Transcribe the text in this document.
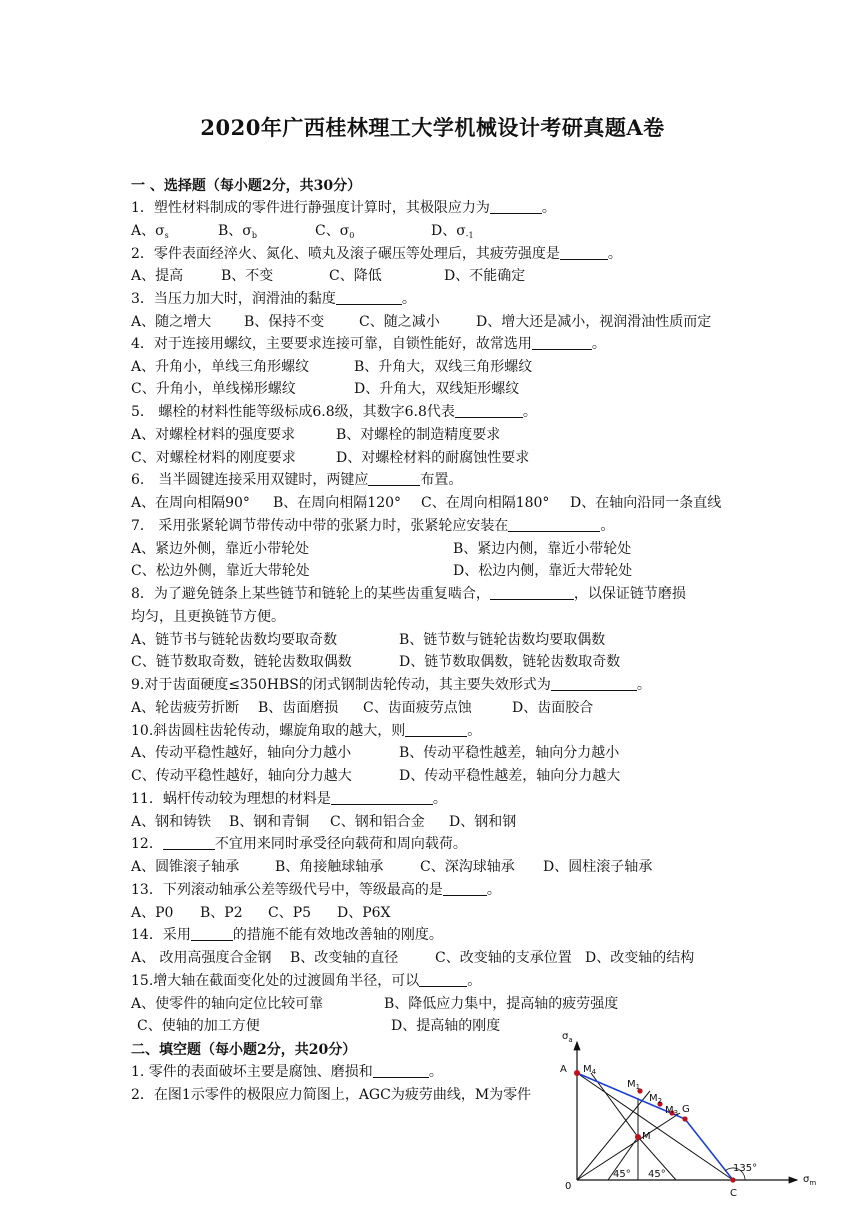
2020年广西桂林理工大学机械设计考研真题A卷
一 、选择题（每小题2分，共30分）
1．塑性材料制成的零件进行静强度计算时，其极限应力为	。
A、$\sigma_s$	B、$\sigma_b$	C、$\sigma_0$	D、$\sigma_{-1}$
2．零件表面经淬火、氮化、喷丸及滚子碾压等处理后，其疲劳强度是	。
A、提高	B、不变	C、降低	D、不能确定
3．当压力加大时，润滑油的黏度	。
A、随之增大 B、保持不变 C、随之减小	D、增大还是减小，视润滑油性质而定
4．对于连接用螺纹，主要要求连接可靠，自锁性能好，故常选用	。
A、升角小，单线三角形螺纹	B、升角大，双线三角形螺纹
C、升角小，单线梯形螺纹	D、升角大，双线矩形螺纹
5． 螺栓的材料性能等级标成6.8级，其数字6.8代表	。
A、对螺栓材料的强度要求	B、对螺栓的制造精度要求
C、对螺栓材料的刚度要求	D、对螺栓材料的耐腐蚀性要求
6． 当半圆键连接采用双键时，两键应	布置。
A、在周向相隔90° B、在周向相隔120° C、在周向相隔180° D、在轴向沿同一条直线
7． 采用张紧轮调节带传动中带的张紧力时，张紧轮应安装在	。
A、紧边外侧，靠近小带轮处	B、紧边内侧，靠近小带轮处
C、松边外侧，靠近大带轮处	D、松边内侧，靠近大带轮处
8．为了避免链条上某些链节和链轮上的某些齿重复啮合，	，以保证链节磨损
均匀，且更换链节方便。
A、链节书与链轮齿数均要取奇数	B、链节数与链轮齿数均要取偶数
C、链节数取奇数，链轮齿数取偶数	D、链节数取偶数，链轮齿数取奇数
9.对于齿面硬度≤350HBS的闭式钢制齿轮传动，其主要失效形式为	。
A、轮齿疲劳折断 B、齿面磨损 C、齿面疲劳点蚀	D、齿面胶合
10.斜齿圆柱齿轮传动，螺旋角取的越大，则	。
A、传动平稳性越好，轴向分力越小	B、传动平稳性越差，轴向分力越小
C、传动平稳性越好，轴向分力越大	D、传动平稳性越差，轴向分力越大
11．蜗杆传动较为理想的材料是	。
A、钢和铸铁 B、钢和青铜 C、钢和铝合金 D、钢和钢
12．	不宜用来同时承受径向载荷和周向载荷。
A、圆锥滚子轴承	B、角接触球轴承	C、深沟球轴承 D、圆柱滚子轴承
13．下列滚动轴承公差等级代号中，等级最高的是	。
A、P0 B、P2 C、P5 D、P6X
14．采用	的措施不能有效地改善轴的刚度。
A、 改用高强度合金钢 B、改变轴的直径	C、改变轴的支承位置 D、改变轴的结构
15.增大轴在截面变化处的过渡圆角半径，可以	。
A、使零件的轴向定位比较可靠	B、降低应力集中，提高轴的疲劳强度
C、使轴的加工方便	D、提高轴的刚度
二、填空题（每小题2分，共20分）
1. 零件的表面破坏主要是腐蚀、磨损和	。
2．在图1示零件的极限应力简图上，AGC为疲劳曲线，M为零件
$\sigma_a$
$\sigma_m$
0
A $M_4$
$M_1$
$M_2$
$M_3$ G
M
45° 45°
135°
C
